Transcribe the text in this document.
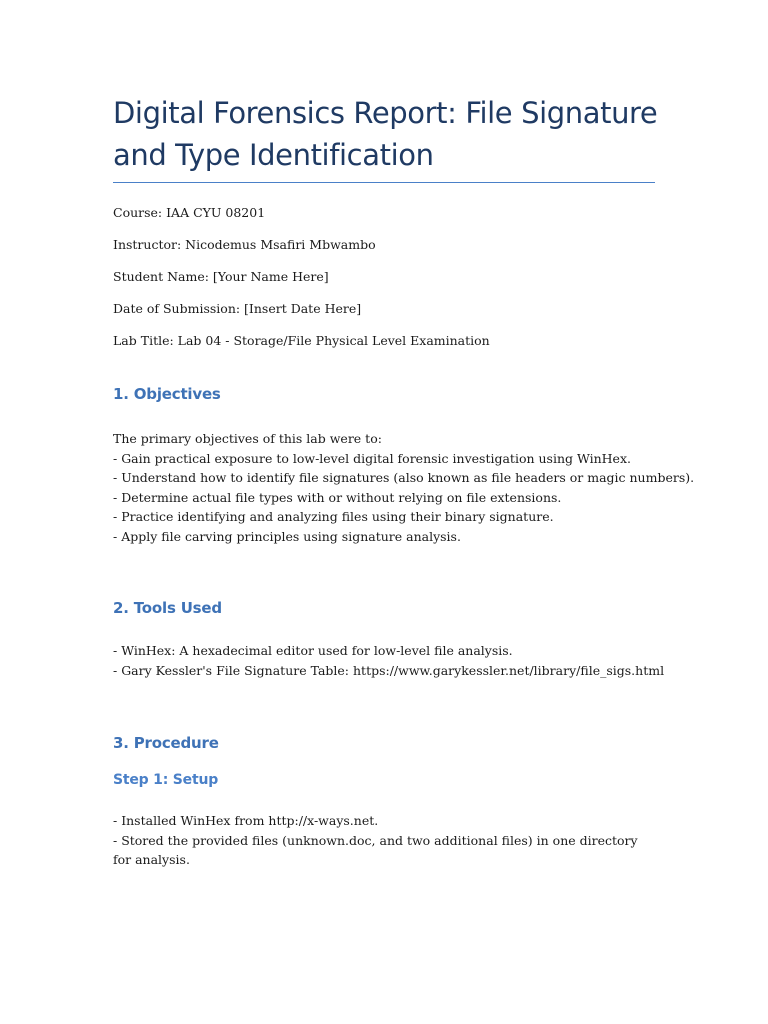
Digital Forensics Report: File Signature
and Type Identification

Course: IAA CYU 08201

Instructor: Nicodemus Msafiri Mbwambo

Student Name: [Your Name Here]

Date of Submission: [Insert Date Here]

Lab Title: Lab 04 - Storage/File Physical Level Examination

1. Objectives
The primary objectives of this lab were to:
- Gain practical exposure to low-level digital forensic investigation using WinHex.
- Understand how to identify file signatures (also known as file headers or magic numbers).
- Determine actual file types with or without relying on file extensions.
- Practice identifying and analyzing files using their binary signature.
- Apply file carving principles using signature analysis.
2. Tools Used
- WinHex: A hexadecimal editor used for low-level file analysis.
- Gary Kessler's File Signature Table: https://www.garykessler.net/library/file_sigs.html
3. Procedure
Step 1: Setup
- Installed WinHex from http://x-ways.net.
- Stored the provided files (unknown.doc, and two additional files) in one directory for analysis.
